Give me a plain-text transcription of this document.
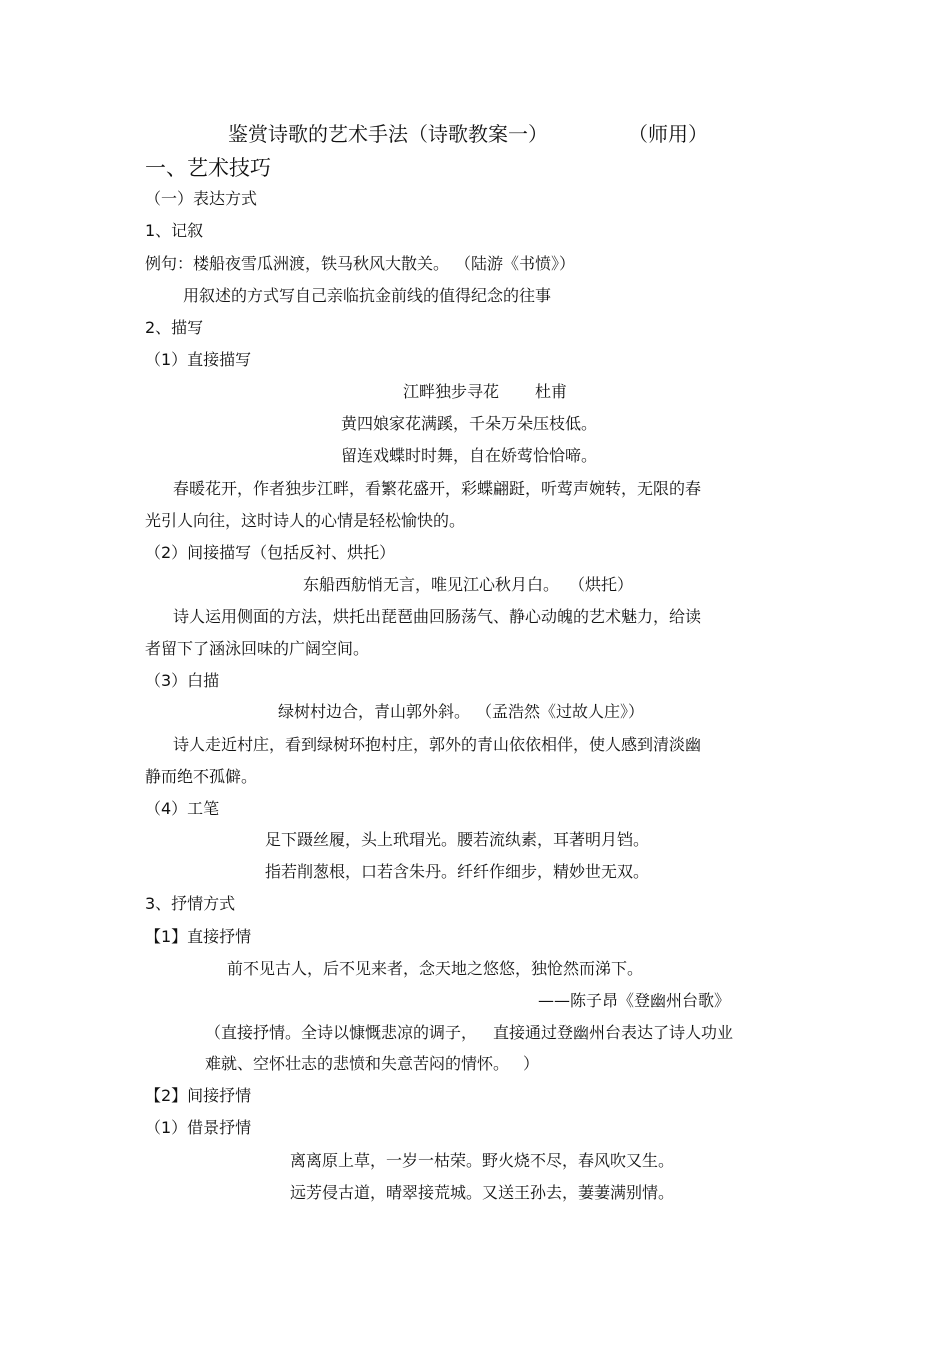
鉴赏诗歌的艺术手法（诗歌教案一）	（师用）
一、艺术技巧
（一）表达方式
1、记叙
例句：楼船夜雪瓜洲渡，铁马秋风大散关。 （陆游《书愤》）
用叙述的方式写自己亲临抗金前线的值得纪念的往事
2、描写
（1）直接描写
江畔独步寻花 杜甫
黄四娘家花满蹊，千朵万朵压枝低。
留连戏蝶时时舞，自在娇莺恰恰啼。
春暖花开，作者独步江畔，看繁花盛开，彩蝶翩跹，听莺声婉转，无限的春
光引人向往，这时诗人的心情是轻松愉快的。
（2）间接描写（包括反衬、烘托）
东船西舫悄无言，唯见江心秋月白。 （烘托）
诗人运用侧面的方法，烘托出琵琶曲回肠荡气、静心动魄的艺术魅力，给读
者留下了涵泳回味的广阔空间。
（3）白描
绿树村边合，青山郭外斜。 （孟浩然《过故人庄》）
诗人走近村庄，看到绿树环抱村庄，郭外的青山依依相伴，使人感到清淡幽
静而绝不孤僻。
（4）工笔
足下蹑丝履，头上玳瑁光。腰若流纨素，耳著明月铛。
指若削葱根，口若含朱丹。纤纤作细步，精妙世无双。
3、抒情方式
【1】直接抒情
前不见古人，后不见来者，念天地之悠悠，独怆然而涕下。
——陈子昂《登幽州台歌》
（直接抒情。全诗以慷慨悲凉的调子， 直接通过登幽州台表达了诗人功业
难就、空怀壮志的悲愤和失意苦闷的情怀。 ）
【2】间接抒情
（1）借景抒情
离离原上草，一岁一枯荣。野火烧不尽，春风吹又生。
远芳侵古道，晴翠接荒城。又送王孙去，萋萋满别情。
